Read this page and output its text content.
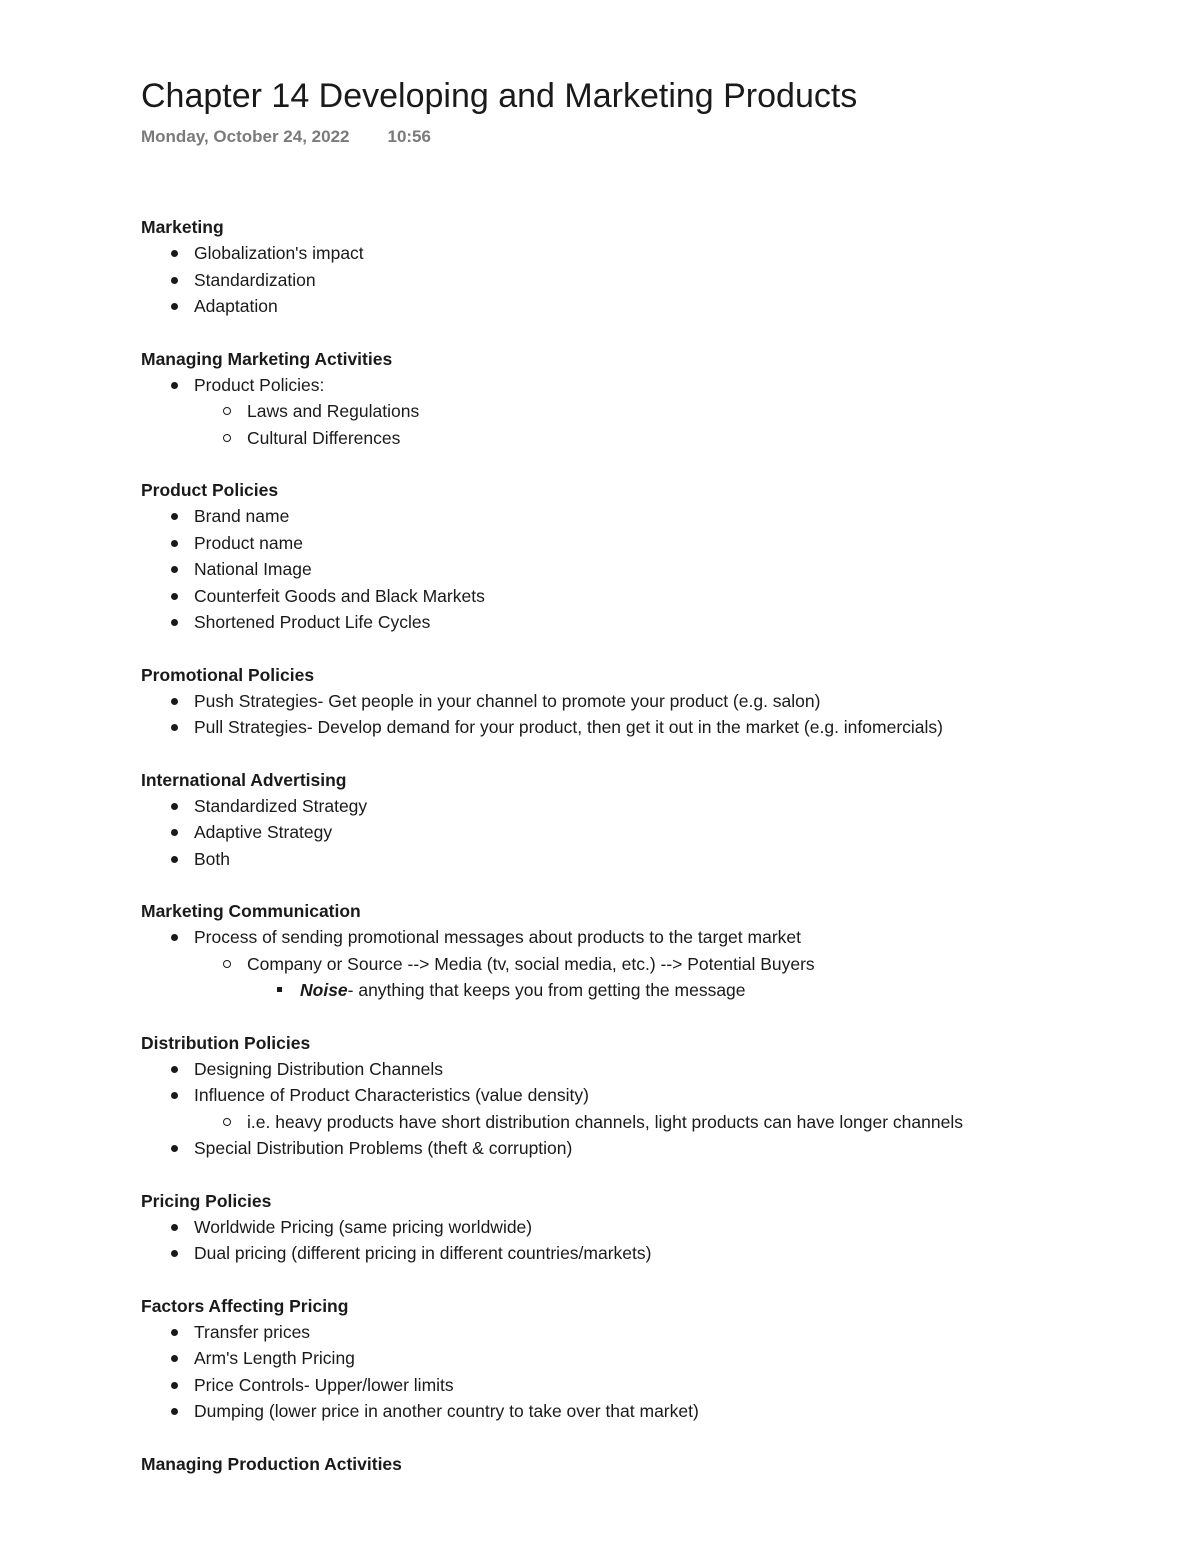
Chapter 14 Developing and Marketing Products
Monday, October 24, 2022 10:56

Marketing

Globalization's impact
Standardization
Adaptation

Managing Marketing Activities

Product Policies:
Laws and Regulations
Cultural Differences

Product Policies

Brand name
Product name
National Image
Counterfeit Goods and Black Markets
Shortened Product Life Cycles

Promotional Policies

Push Strategies- Get people in your channel to promote your product (e.g. salon)
Pull Strategies- Develop demand for your product, then get it out in the market (e.g. infomercials)

International Advertising

Standardized Strategy
Adaptive Strategy
Both

Marketing Communication

Process of sending promotional messages about products to the target market
Company or Source --> Media (tv, social media, etc.) --> Potential Buyers
Noise- anything that keeps you from getting the message

Distribution Policies

Designing Distribution Channels
Influence of Product Characteristics (value density)
i.e. heavy products have short distribution channels, light products can have longer channels
Special Distribution Problems (theft & corruption)

Pricing Policies

Worldwide Pricing (same pricing worldwide)
Dual pricing (different pricing in different countries/markets)

Factors Affecting Pricing

Transfer prices
Arm's Length Pricing
Price Controls- Upper/lower limits
Dumping (lower price in another country to take over that market)

Managing Production Activities
